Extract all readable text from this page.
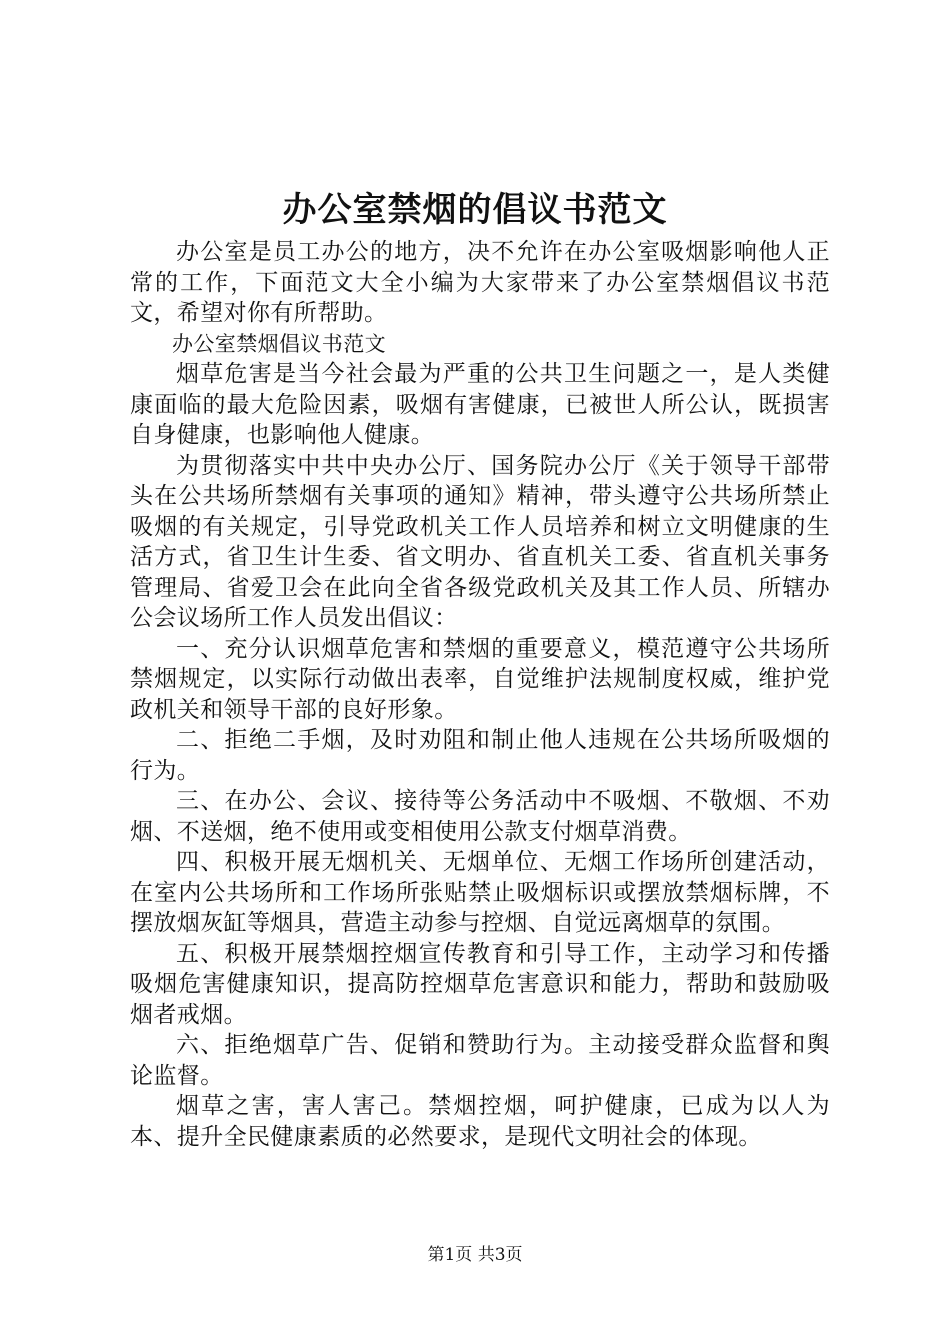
办公室禁烟的倡议书范文

办公室是员工办公的地方，决不允许在办公室吸烟影响他人正常的工作，下面范文大全小编为大家带来了办公室禁烟倡议书范文，希望对你有所帮助。

办公室禁烟倡议书范文

烟草危害是当今社会最为严重的公共卫生问题之一，是人类健康面临的最大危险因素，吸烟有害健康，已被世人所公认，既损害自身健康，也影响他人健康。

为贯彻落实中共中央办公厅、国务院办公厅《关于领导干部带头在公共场所禁烟有关事项的通知》精神，带头遵守公共场所禁止吸烟的有关规定，引导党政机关工作人员培养和树立文明健康的生活方式，省卫生计生委、省文明办、省直机关工委、省直机关事务管理局、省爱卫会在此向全省各级党政机关及其工作人员、所辖办公会议场所工作人员发出倡议：

一、充分认识烟草危害和禁烟的重要意义，模范遵守公共场所禁烟规定，以实际行动做出表率，自觉维护法规制度权威，维护党政机关和领导干部的良好形象。

二、拒绝二手烟，及时劝阻和制止他人违规在公共场所吸烟的行为。

三、在办公、会议、接待等公务活动中不吸烟、不敬烟、不劝烟、不送烟，绝不使用或变相使用公款支付烟草消费。

四、积极开展无烟机关、无烟单位、无烟工作场所创建活动，在室内公共场所和工作场所张贴禁止吸烟标识或摆放禁烟标牌，不摆放烟灰缸等烟具，营造主动参与控烟、自觉远离烟草的氛围。

五、积极开展禁烟控烟宣传教育和引导工作，主动学习和传播吸烟危害健康知识，提高防控烟草危害意识和能力，帮助和鼓励吸烟者戒烟。

六、拒绝烟草广告、促销和赞助行为。主动接受群众监督和舆论监督。

烟草之害，害人害己。禁烟控烟，呵护健康，已成为以人为本、提升全民健康素质的必然要求，是现代文明社会的体现。

第1页 共3页
